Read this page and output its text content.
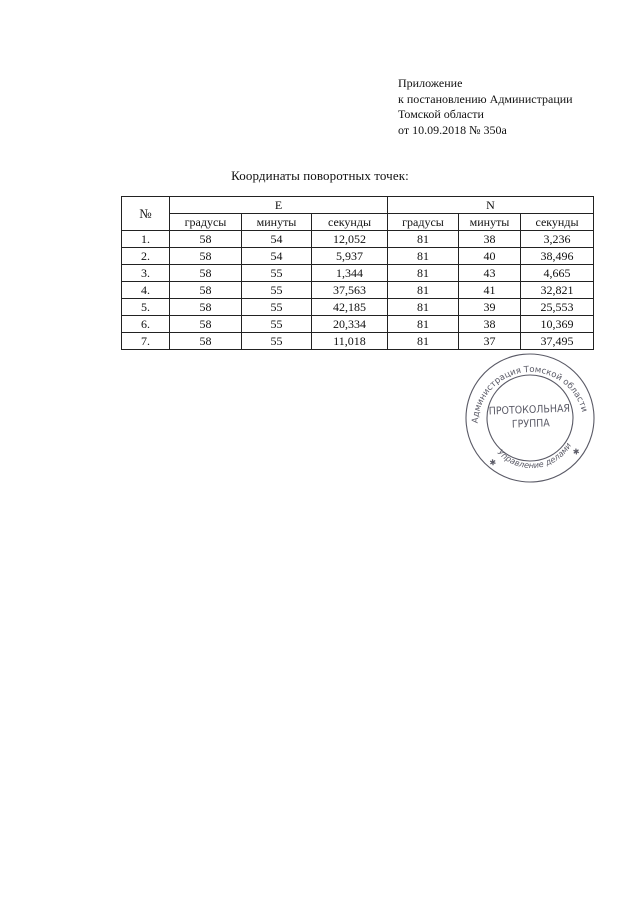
Приложение
к постановлению Администрации
Томской области
от 10.09.2018 № 350а
Координаты поворотных точек:
№	E			N		
	градусы	минуты	секунды	градусы	минуты	секунды
1.	58	54	12,052	81	38	3,236
2.	58	54	5,937	81	40	38,496
3.	58	55	1,344	81	43	4,665
4.	58	55	37,563	81	41	32,821
5.	58	55	42,185	81	39	25,553
6.	58	55	20,334	81	38	10,369
7.	58	55	11,018	81	37	37,495
Администрация Томской области
Управление делами
ПРОТОКОЛЬНАЯ
ГРУППА
✱
✱
